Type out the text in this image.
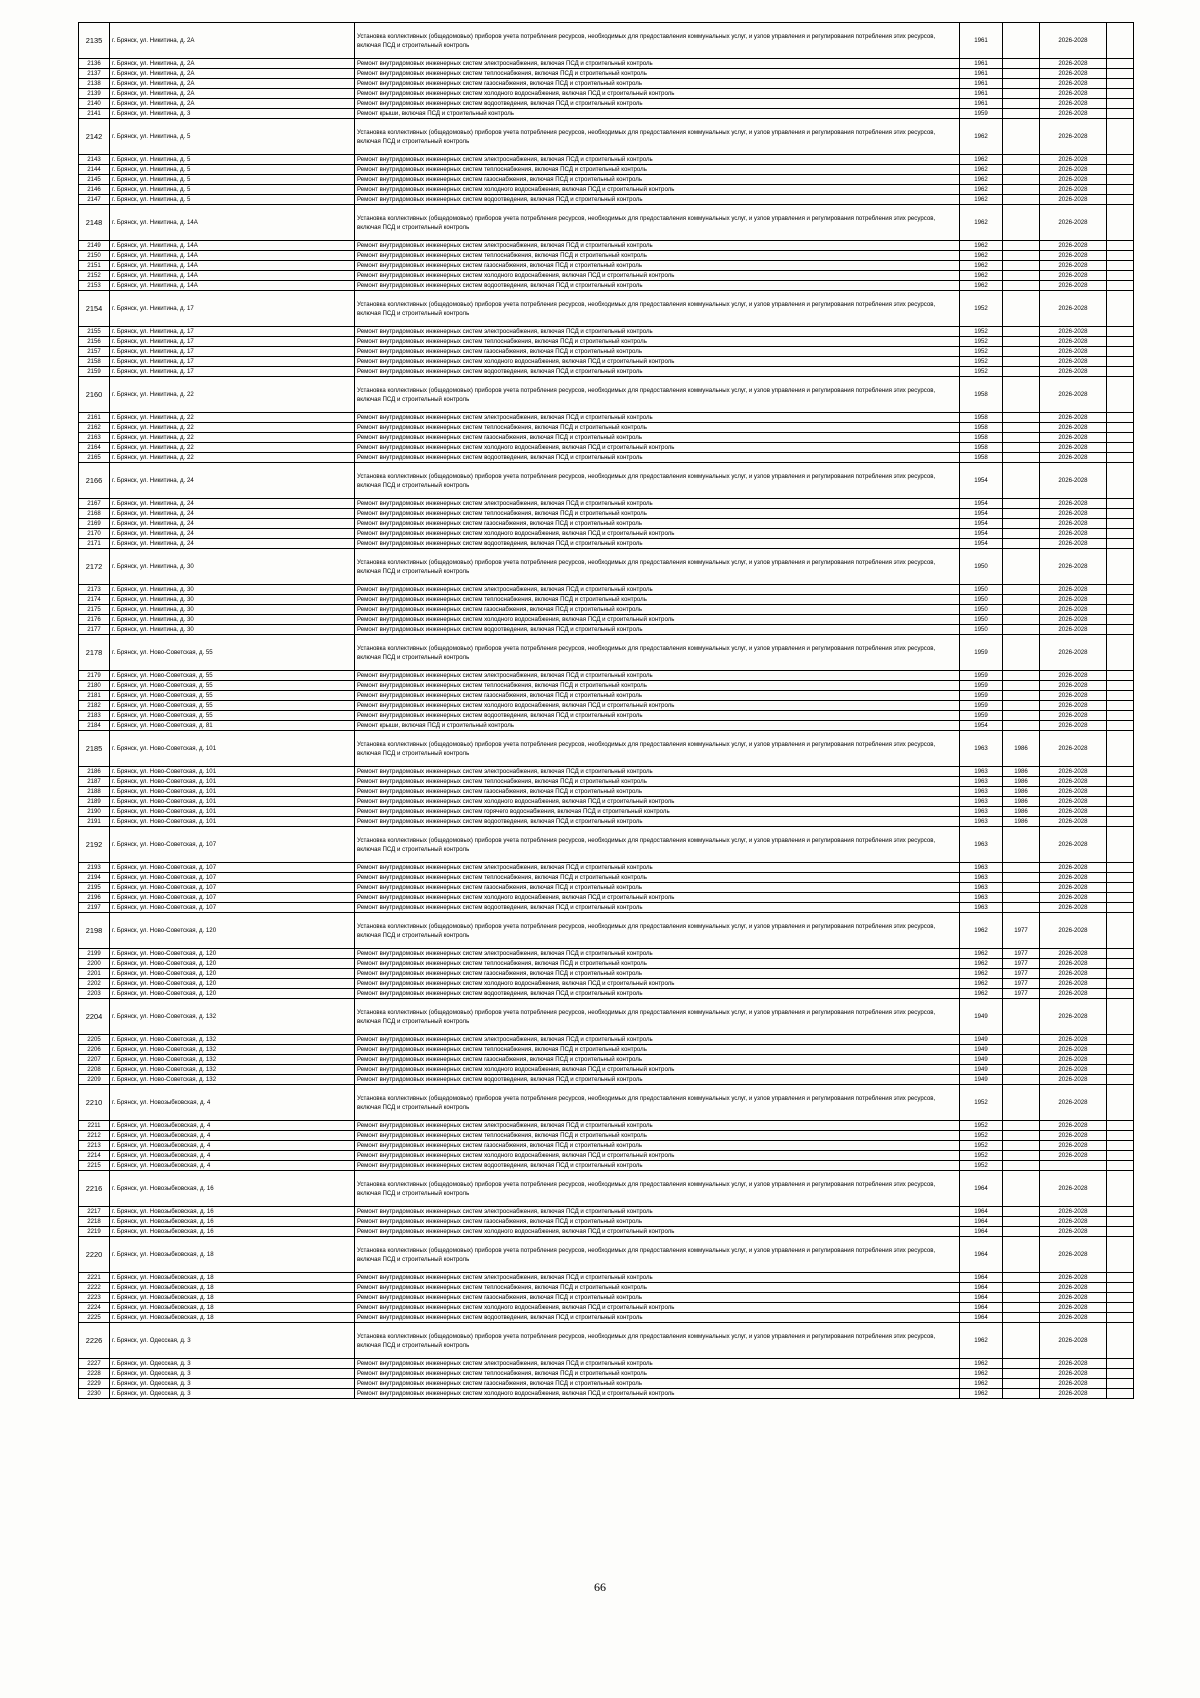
2135	г. Брянск, ул. Никитина, д. 2А	Установка коллективных (общедомовых) приборов учета потребления ресурсов, необходимых для предоставления коммунальных услуг, и узлов управления и регулирования потребления этих ресурсов, включая ПСД и строительный контроль	1961		2026-2028	
2136	г. Брянск, ул. Никитина, д. 2А	Ремонт внутридомовых инженерных систем электроснабжения, включая ПСД и строительный контроль	1961		2026-2028	
2137	г. Брянск, ул. Никитина, д. 2А	Ремонт внутридомовых инженерных систем теплоснабжения, включая ПСД и строительный контроль	1961		2026-2028	
2138	г. Брянск, ул. Никитина, д. 2А	Ремонт внутридомовых инженерных систем газоснабжения, включая ПСД и строительный контроль	1961		2026-2028	
2139	г. Брянск, ул. Никитина, д. 2А	Ремонт внутридомовых инженерных систем холодного водоснабжения, включая ПСД и строительный контроль	1961		2026-2028	
2140	г. Брянск, ул. Никитина, д. 2А	Ремонт внутридомовых инженерных систем водоотведения, включая ПСД и строительный контроль	1961		2026-2028	
2141	г. Брянск, ул. Никитина, д. 3	Ремонт крыши, включая ПСД и строительный контроль	1959		2026-2028	
2142	г. Брянск, ул. Никитина, д. 5	Установка коллективных (общедомовых) приборов учета потребления ресурсов, необходимых для предоставления коммунальных услуг, и узлов управления и регулирования потребления этих ресурсов, включая ПСД и строительный контроль	1962		2026-2028	
2143	г. Брянск, ул. Никитина, д. 5	Ремонт внутридомовых инженерных систем электроснабжения, включая ПСД и строительный контроль	1962		2026-2028	
2144	г. Брянск, ул. Никитина, д. 5	Ремонт внутридомовых инженерных систем теплоснабжения, включая ПСД и строительный контроль	1962		2026-2028	
2145	г. Брянск, ул. Никитина, д. 5	Ремонт внутридомовых инженерных систем газоснабжения, включая ПСД и строительный контроль	1962		2026-2028	
2146	г. Брянск, ул. Никитина, д. 5	Ремонт внутридомовых инженерных систем холодного водоснабжения, включая ПСД и строительный контроль	1962		2026-2028	
2147	г. Брянск, ул. Никитина, д. 5	Ремонт внутридомовых инженерных систем водоотведения, включая ПСД и строительный контроль	1962		2026-2028	
2148	г. Брянск, ул. Никитина, д. 14А	Установка коллективных (общедомовых) приборов учета потребления ресурсов, необходимых для предоставления коммунальных услуг, и узлов управления и регулирования потребления этих ресурсов, включая ПСД и строительный контроль	1962		2026-2028	
2149	г. Брянск, ул. Никитина, д. 14А	Ремонт внутридомовых инженерных систем электроснабжения, включая ПСД и строительный контроль	1962		2026-2028	
2150	г. Брянск, ул. Никитина, д. 14А	Ремонт внутридомовых инженерных систем теплоснабжения, включая ПСД и строительный контроль	1962		2026-2028	
2151	г. Брянск, ул. Никитина, д. 14А	Ремонт внутридомовых инженерных систем газоснабжения, включая ПСД и строительный контроль	1962		2026-2028	
2152	г. Брянск, ул. Никитина, д. 14А	Ремонт внутридомовых инженерных систем холодного водоснабжения, включая ПСД и строительный контроль	1962		2026-2028	
2153	г. Брянск, ул. Никитина, д. 14А	Ремонт внутридомовых инженерных систем водоотведения, включая ПСД и строительный контроль	1962		2026-2028	
2154	г. Брянск, ул. Никитина, д. 17	Установка коллективных (общедомовых) приборов учета потребления ресурсов, необходимых для предоставления коммунальных услуг, и узлов управления и регулирования потребления этих ресурсов, включая ПСД и строительный контроль	1952		2026-2028	
2155	г. Брянск, ул. Никитина, д. 17	Ремонт внутридомовых инженерных систем электроснабжения, включая ПСД и строительный контроль	1952		2026-2028	
2156	г. Брянск, ул. Никитина, д. 17	Ремонт внутридомовых инженерных систем теплоснабжения, включая ПСД и строительный контроль	1952		2026-2028	
2157	г. Брянск, ул. Никитина, д. 17	Ремонт внутридомовых инженерных систем газоснабжения, включая ПСД и строительный контроль	1952		2026-2028	
2158	г. Брянск, ул. Никитина, д. 17	Ремонт внутридомовых инженерных систем холодного водоснабжения, включая ПСД и строительный контроль	1952		2026-2028	
2159	г. Брянск, ул. Никитина, д. 17	Ремонт внутридомовых инженерных систем водоотведения, включая ПСД и строительный контроль	1952		2026-2028	
2160	г. Брянск, ул. Никитина, д. 22	Установка коллективных (общедомовых) приборов учета потребления ресурсов, необходимых для предоставления коммунальных услуг, и узлов управления и регулирования потребления этих ресурсов, включая ПСД и строительный контроль	1958		2026-2028	
2161	г. Брянск, ул. Никитина, д. 22	Ремонт внутридомовых инженерных систем электроснабжения, включая ПСД и строительный контроль	1958		2026-2028	
2162	г. Брянск, ул. Никитина, д. 22	Ремонт внутридомовых инженерных систем теплоснабжения, включая ПСД и строительный контроль	1958		2026-2028	
2163	г. Брянск, ул. Никитина, д. 22	Ремонт внутридомовых инженерных систем газоснабжения, включая ПСД и строительный контроль	1958		2026-2028	
2164	г. Брянск, ул. Никитина, д. 22	Ремонт внутридомовых инженерных систем холодного водоснабжения, включая ПСД и строительный контроль	1958		2026-2028	
2165	г. Брянск, ул. Никитина, д. 22	Ремонт внутридомовых инженерных систем водоотведения, включая ПСД и строительный контроль	1958		2026-2028	
2166	г. Брянск, ул. Никитина, д. 24	Установка коллективных (общедомовых) приборов учета потребления ресурсов, необходимых для предоставления коммунальных услуг, и узлов управления и регулирования потребления этих ресурсов, включая ПСД и строительный контроль	1954		2026-2028	
2167	г. Брянск, ул. Никитина, д. 24	Ремонт внутридомовых инженерных систем электроснабжения, включая ПСД и строительный контроль	1954		2026-2028	
2168	г. Брянск, ул. Никитина, д. 24	Ремонт внутридомовых инженерных систем теплоснабжения, включая ПСД и строительный контроль	1954		2026-2028	
2169	г. Брянск, ул. Никитина, д. 24	Ремонт внутридомовых инженерных систем газоснабжения, включая ПСД и строительный контроль	1954		2026-2028	
2170	г. Брянск, ул. Никитина, д. 24	Ремонт внутридомовых инженерных систем холодного водоснабжения, включая ПСД и строительный контроль	1954		2026-2028	
2171	г. Брянск, ул. Никитина, д. 24	Ремонт внутридомовых инженерных систем водоотведения, включая ПСД и строительный контроль	1954		2026-2028	
2172	г. Брянск, ул. Никитина, д. 30	Установка коллективных (общедомовых) приборов учета потребления ресурсов, необходимых для предоставления коммунальных услуг, и узлов управления и регулирования потребления этих ресурсов, включая ПСД и строительный контроль	1950		2026-2028	
2173	г. Брянск, ул. Никитина, д. 30	Ремонт внутридомовых инженерных систем электроснабжения, включая ПСД и строительный контроль	1950		2026-2028	
2174	г. Брянск, ул. Никитина, д. 30	Ремонт внутридомовых инженерных систем теплоснабжения, включая ПСД и строительный контроль	1950		2026-2028	
2175	г. Брянск, ул. Никитина, д. 30	Ремонт внутридомовых инженерных систем газоснабжения, включая ПСД и строительный контроль	1950		2026-2028	
2176	г. Брянск, ул. Никитина, д. 30	Ремонт внутридомовых инженерных систем холодного водоснабжения, включая ПСД и строительный контроль	1950		2026-2028	
2177	г. Брянск, ул. Никитина, д. 30	Ремонт внутридомовых инженерных систем водоотведения, включая ПСД и строительный контроль	1950		2026-2028	
2178	г. Брянск, ул. Ново-Советская, д. 55	Установка коллективных (общедомовых) приборов учета потребления ресурсов, необходимых для предоставления коммунальных услуг, и узлов управления и регулирования потребления этих ресурсов, включая ПСД и строительный контроль	1959		2026-2028	
2179	г. Брянск, ул. Ново-Советская, д. 55	Ремонт внутридомовых инженерных систем электроснабжения, включая ПСД и строительный контроль	1959		2026-2028	
2180	г. Брянск, ул. Ново-Советская, д. 55	Ремонт внутридомовых инженерных систем теплоснабжения, включая ПСД и строительный контроль	1959		2026-2028	
2181	г. Брянск, ул. Ново-Советская, д. 55	Ремонт внутридомовых инженерных систем газоснабжения, включая ПСД и строительный контроль	1959		2026-2028	
2182	г. Брянск, ул. Ново-Советская, д. 55	Ремонт внутридомовых инженерных систем холодного водоснабжения, включая ПСД и строительный контроль	1959		2026-2028	
2183	г. Брянск, ул. Ново-Советская, д. 55	Ремонт внутридомовых инженерных систем водоотведения, включая ПСД и строительный контроль	1959		2026-2028	
2184	г. Брянск, ул. Ново-Советская, д. 81	Ремонт крыши, включая ПСД и строительный контроль	1954		2026-2028	
2185	г. Брянск, ул. Ново-Советская, д. 101	Установка коллективных (общедомовых) приборов учета потребления ресурсов, необходимых для предоставления коммунальных услуг, и узлов управления и регулирования потребления этих ресурсов, включая ПСД и строительный контроль	1963	1986	2026-2028	
2186	г. Брянск, ул. Ново-Советская, д. 101	Ремонт внутридомовых инженерных систем электроснабжения, включая ПСД и строительный контроль	1963	1986	2026-2028	
2187	г. Брянск, ул. Ново-Советская, д. 101	Ремонт внутридомовых инженерных систем теплоснабжения, включая ПСД и строительный контроль	1963	1986	2026-2028	
2188	г. Брянск, ул. Ново-Советская, д. 101	Ремонт внутридомовых инженерных систем газоснабжения, включая ПСД и строительный контроль	1963	1986	2026-2028	
2189	г. Брянск, ул. Ново-Советская, д. 101	Ремонт внутридомовых инженерных систем холодного водоснабжения, включая ПСД и строительный контроль	1963	1986	2026-2028	
2190	г. Брянск, ул. Ново-Советская, д. 101	Ремонт внутридомовых инженерных систем горячего водоснабжения, включая ПСД и строительный контроль	1963	1986	2026-2028	
2191	г. Брянск, ул. Ново-Советская, д. 101	Ремонт внутридомовых инженерных систем водоотведения, включая ПСД и строительный контроль	1963	1986	2026-2028	
2192	г. Брянск, ул. Ново-Советская, д. 107	Установка коллективных (общедомовых) приборов учета потребления ресурсов, необходимых для предоставления коммунальных услуг, и узлов управления и регулирования потребления этих ресурсов, включая ПСД и строительный контроль	1963		2026-2028	
2193	г. Брянск, ул. Ново-Советская, д. 107	Ремонт внутридомовых инженерных систем электроснабжения, включая ПСД и строительный контроль	1963		2026-2028	
2194	г. Брянск, ул. Ново-Советская, д. 107	Ремонт внутридомовых инженерных систем теплоснабжения, включая ПСД и строительный контроль	1963		2026-2028	
2195	г. Брянск, ул. Ново-Советская, д. 107	Ремонт внутридомовых инженерных систем газоснабжения, включая ПСД и строительный контроль	1963		2026-2028	
2196	г. Брянск, ул. Ново-Советская, д. 107	Ремонт внутридомовых инженерных систем холодного водоснабжения, включая ПСД и строительный контроль	1963		2026-2028	
2197	г. Брянск, ул. Ново-Советская, д. 107	Ремонт внутридомовых инженерных систем водоотведения, включая ПСД и строительный контроль	1963		2026-2028	
2198	г. Брянск, ул. Ново-Советская, д. 120	Установка коллективных (общедомовых) приборов учета потребления ресурсов, необходимых для предоставления коммунальных услуг, и узлов управления и регулирования потребления этих ресурсов, включая ПСД и строительный контроль	1962	1977	2026-2028	
2199	г. Брянск, ул. Ново-Советская, д. 120	Ремонт внутридомовых инженерных систем электроснабжения, включая ПСД и строительный контроль	1962	1977	2026-2028	
2200	г. Брянск, ул. Ново-Советская, д. 120	Ремонт внутридомовых инженерных систем теплоснабжения, включая ПСД и строительный контроль	1962	1977	2026-2028	
2201	г. Брянск, ул. Ново-Советская, д. 120	Ремонт внутридомовых инженерных систем газоснабжения, включая ПСД и строительный контроль	1962	1977	2026-2028	
2202	г. Брянск, ул. Ново-Советская, д. 120	Ремонт внутридомовых инженерных систем холодного водоснабжения, включая ПСД и строительный контроль	1962	1977	2026-2028	
2203	г. Брянск, ул. Ново-Советская, д. 120	Ремонт внутридомовых инженерных систем водоотведения, включая ПСД и строительный контроль	1962	1977	2026-2028	
2204	г. Брянск, ул. Ново-Советская, д. 132	Установка коллективных (общедомовых) приборов учета потребления ресурсов, необходимых для предоставления коммунальных услуг, и узлов управления и регулирования потребления этих ресурсов, включая ПСД и строительный контроль	1949		2026-2028	
2205	г. Брянск, ул. Ново-Советская, д. 132	Ремонт внутридомовых инженерных систем электроснабжения, включая ПСД и строительный контроль	1949		2026-2028	
2206	г. Брянск, ул. Ново-Советская, д. 132	Ремонт внутридомовых инженерных систем теплоснабжения, включая ПСД и строительный контроль	1949		2026-2028	
2207	г. Брянск, ул. Ново-Советская, д. 132	Ремонт внутридомовых инженерных систем газоснабжения, включая ПСД и строительный контроль	1949		2026-2028	
2208	г. Брянск, ул. Ново-Советская, д. 132	Ремонт внутридомовых инженерных систем холодного водоснабжения, включая ПСД и строительный контроль	1949		2026-2028	
2209	г. Брянск, ул. Ново-Советская, д. 132	Ремонт внутридомовых инженерных систем водоотведения, включая ПСД и строительный контроль	1949		2026-2028	
2210	г. Брянск, ул. Новозыбковская, д. 4	Установка коллективных (общедомовых) приборов учета потребления ресурсов, необходимых для предоставления коммунальных услуг, и узлов управления и регулирования потребления этих ресурсов, включая ПСД и строительный контроль	1952		2026-2028	
2211	г. Брянск, ул. Новозыбковская, д. 4	Ремонт внутридомовых инженерных систем электроснабжения, включая ПСД и строительный контроль	1952		2026-2028	
2212	г. Брянск, ул. Новозыбковская, д. 4	Ремонт внутридомовых инженерных систем теплоснабжения, включая ПСД и строительный контроль	1952		2026-2028	
2213	г. Брянск, ул. Новозыбковская, д. 4	Ремонт внутридомовых инженерных систем газоснабжения, включая ПСД и строительный контроль	1952		2026-2028	
2214	г. Брянск, ул. Новозыбковская, д. 4	Ремонт внутридомовых инженерных систем холодного водоснабжения, включая ПСД и строительный контроль	1952		2026-2028	
2215	г. Брянск, ул. Новозыбковская, д. 4	Ремонт внутридомовых инженерных систем водоотведения, включая ПСД и строительный контроль	1952			
2216	г. Брянск, ул. Новозыбковская, д. 16	Установка коллективных (общедомовых) приборов учета потребления ресурсов, необходимых для предоставления коммунальных услуг, и узлов управления и регулирования потребления этих ресурсов, включая ПСД и строительный контроль	1964		2026-2028	
2217	г. Брянск, ул. Новозыбковская, д. 16	Ремонт внутридомовых инженерных систем электроснабжения, включая ПСД и строительный контроль	1964		2026-2028	
2218	г. Брянск, ул. Новозыбковская, д. 16	Ремонт внутридомовых инженерных систем газоснабжения, включая ПСД и строительный контроль	1964		2026-2028	
2219	г. Брянск, ул. Новозыбковская, д. 16	Ремонт внутридомовых инженерных систем холодного водоснабжения, включая ПСД и строительный контроль	1964		2026-2028	
2220	г. Брянск, ул. Новозыбковская, д. 18	Установка коллективных (общедомовых) приборов учета потребления ресурсов, необходимых для предоставления коммунальных услуг, и узлов управления и регулирования потребления этих ресурсов, включая ПСД и строительный контроль	1964		2026-2028	
2221	г. Брянск, ул. Новозыбковская, д. 18	Ремонт внутридомовых инженерных систем электроснабжения, включая ПСД и строительный контроль	1964		2026-2028	
2222	г. Брянск, ул. Новозыбковская, д. 18	Ремонт внутридомовых инженерных систем теплоснабжения, включая ПСД и строительный контроль	1964		2026-2028	
2223	г. Брянск, ул. Новозыбковская, д. 18	Ремонт внутридомовых инженерных систем газоснабжения, включая ПСД и строительный контроль	1964		2026-2028	
2224	г. Брянск, ул. Новозыбковская, д. 18	Ремонт внутридомовых инженерных систем холодного водоснабжения, включая ПСД и строительный контроль	1964		2026-2028	
2225	г. Брянск, ул. Новозыбковская, д. 18	Ремонт внутридомовых инженерных систем водоотведения, включая ПСД и строительный контроль	1964		2026-2028	
2226	г. Брянск, ул. Одесская, д. 3	Установка коллективных (общедомовых) приборов учета потребления ресурсов, необходимых для предоставления коммунальных услуг, и узлов управления и регулирования потребления этих ресурсов, включая ПСД и строительный контроль	1962		2026-2028	
2227	г. Брянск, ул. Одесская, д. 3	Ремонт внутридомовых инженерных систем электроснабжения, включая ПСД и строительный контроль	1962		2026-2028	
2228	г. Брянск, ул. Одесская, д. 3	Ремонт внутридомовых инженерных систем теплоснабжения, включая ПСД и строительный контроль	1962		2026-2028	
2229	г. Брянск, ул. Одесская, д. 3	Ремонт внутридомовых инженерных систем газоснабжения, включая ПСД и строительный контроль	1962		2026-2028	
2230	г. Брянск, ул. Одесская, д. 3	Ремонт внутридомовых инженерных систем холодного водоснабжения, включая ПСД и строительный контроль	1962		2026-2028	
66
